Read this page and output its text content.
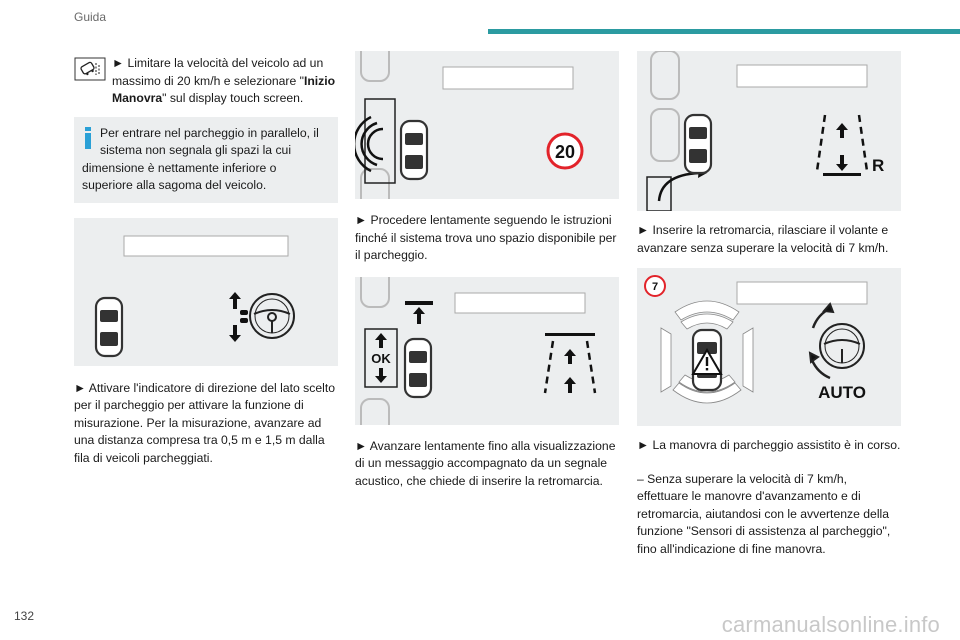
Guida
► Limitare la velocità del veicolo ad un massimo di 20 km/h e selezionare "Inizio Manovra" sul display touch screen.
Per entrare nel parcheggio in parallelo, il sistema non segnala gli spazi la cui
dimensione è nettamente inferiore o superiore alla sagoma del veicolo.
► Attivare l'indicatore di direzione del lato scelto per il parcheggio per attivare la funzione di misurazione. Per la misurazione, avanzare ad una distanza compresa tra 0,5 m e 1,5 m dalla fila di veicoli parcheggiati.
20
► Procedere lentamente seguendo le istruzioni finché il sistema trova uno spazio disponibile per il parcheggio.
OK
► Avanzare lentamente fino alla visualizzazione di un messaggio accompagnato da un segnale acustico, che chiede di inserire la retromarcia.
R
► Inserire la retromarcia, rilasciare il volante e avanzare senza superare la velocità di 7 km/h.
7
AUTO
► La manovra di parcheggio assistito è in corso.
– Senza superare la velocità di 7 km/h, effettuare le manovre d'avanzamento e di retromarcia, aiutandosi con le avvertenze della funzione "Sensori di assistenza al parcheggio", fino all'indicazione di fine manovra.
132	carmanualsonline.info
